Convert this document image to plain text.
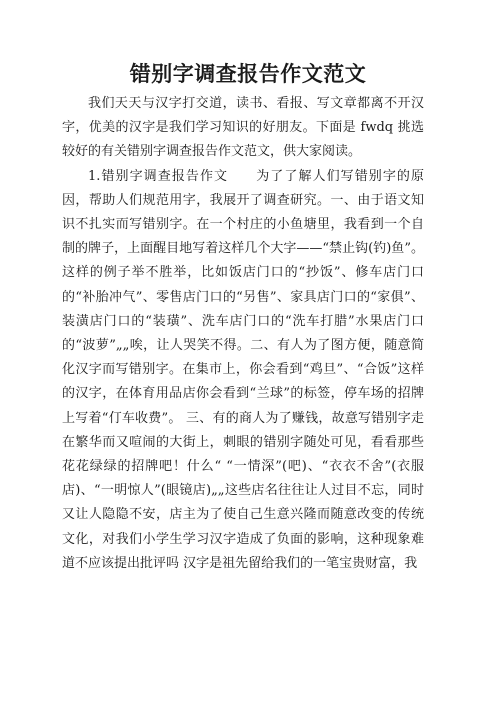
错别字调查报告作文范文

我们天天与汉字打交道，读书、看报、写文章都离不开汉字，优美的汉字是我们学习知识的好朋友。下面是 fwdq 挑选较好的有关错别字调查报告作文范文，供大家阅读。

1.错别字调查报告作文　　为了了解人们写错别字的原因，帮助人们规范用字，我展开了调查研究。一、由于语文知识不扎实而写错别字。在一个村庄的小鱼塘里，我看到一个自制的牌子，上面醒目地写着这样几个大字——“禁止钩(钓)鱼”。这样的例子举不胜举，比如饭店门口的“抄饭”、修车店门口的“补胎冲气”、零售店门口的“另售”、家具店门口的“家俱”、装潢店门口的“装璜”、洗车店门口的“洗车打腊”水果店门口的“波萝”„„唉，让人哭笑不得。二、有人为了图方便，随意简化汉字而写错别字。在集市上，你会看到“鸡旦”、“合饭”这样的汉字，在体育用品店你会看到“兰球”的标签，停车场的招牌上写着“仃车收费”。 三、有的商人为了赚钱，故意写错别字走在繁华而又喧闹的大街上，刺眼的错别字随处可见，看看那些花花绿绿的招牌吧！什么“ “一情深”(吧)、“衣衣不舍”(衣服店)、“一明惊人”(眼镜店)„„这些店名往往让人过目不忘，同时又让人隐隐不安，店主为了使自己生意兴隆而随意改变的传统文化，对我们小学生学习汉字造成了负面的影响，这种现象难道不应该提出批评吗 汉字是祖先留给我们的一笔宝贵财富，我
